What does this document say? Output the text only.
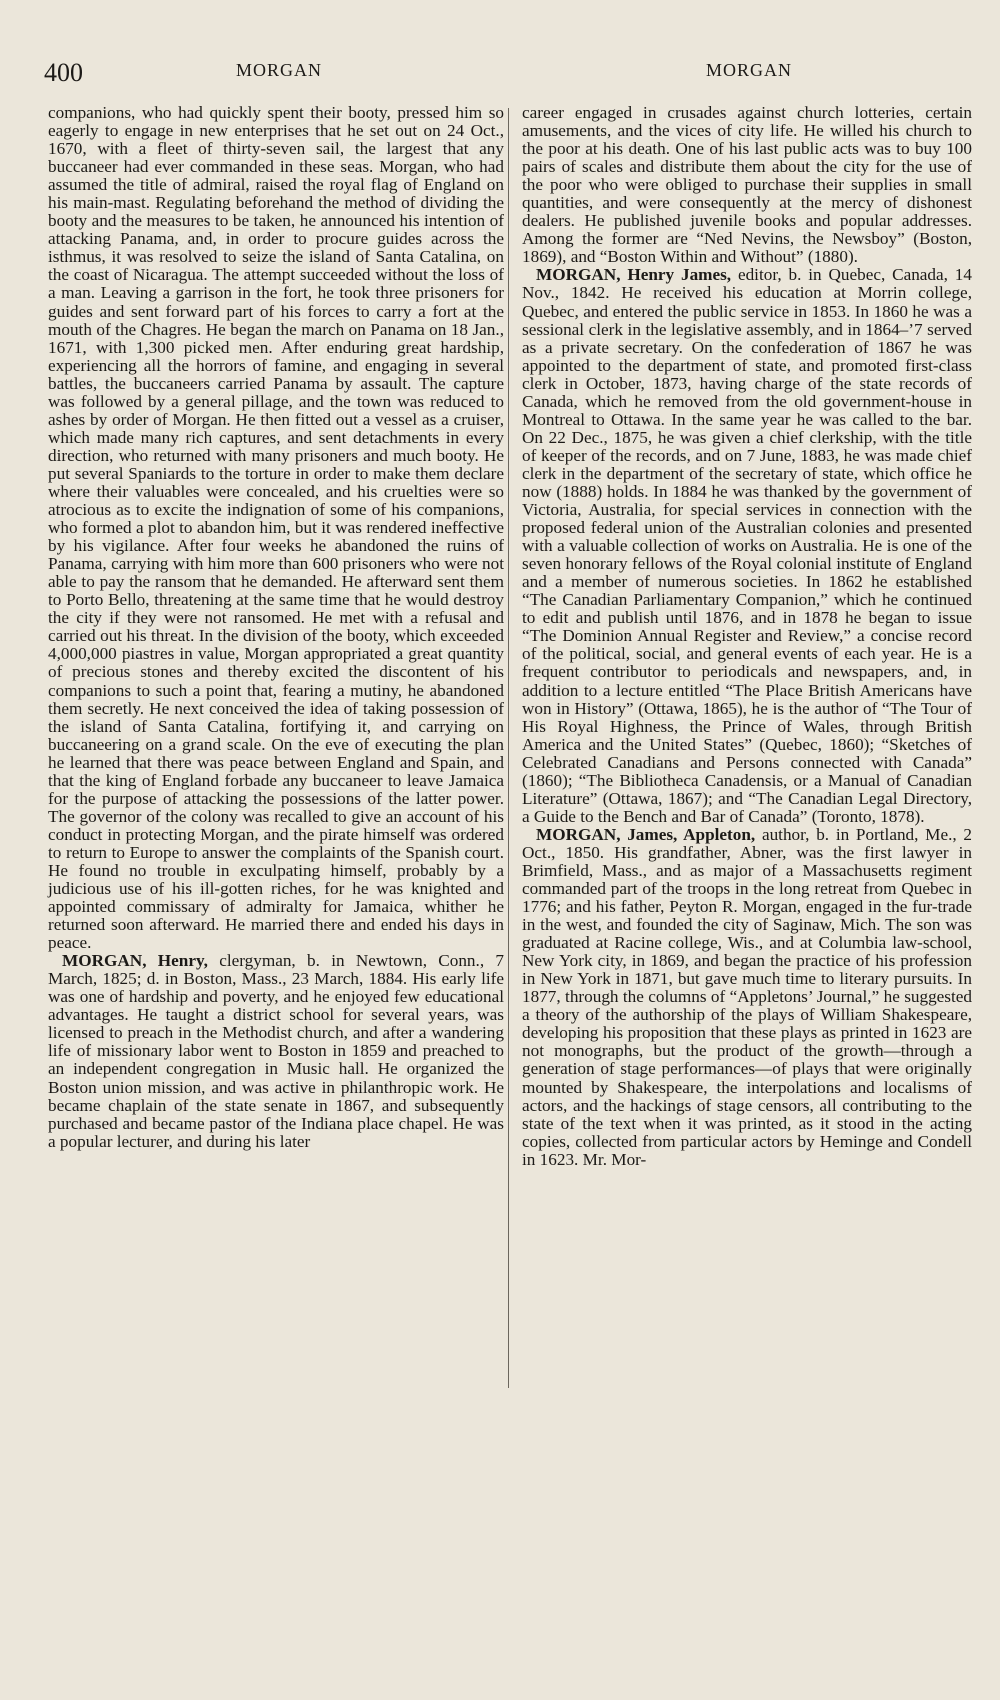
400	MORGAN	MORGAN

companions, who had quickly spent their booty, pressed him so eagerly to engage in new enterprises that he set out on 24 Oct., 1670, with a fleet of thirty-seven sail, the largest that any buccaneer had ever commanded in these seas. Morgan, who had assumed the title of admiral, raised the royal flag of England on his main-mast. Regulating beforehand the method of dividing the booty and the measures to be taken, he announced his intention of attacking Panama, and, in order to procure guides across the isthmus, it was resolved to seize the island of Santa Catalina, on the coast of Nicaragua. The attempt succeeded without the loss of a man. Leaving a garrison in the fort, he took three prisoners for guides and sent forward part of his forces to carry a fort at the mouth of the Chagres. He began the march on Panama on 18 Jan., 1671, with 1,300 picked men. After enduring great hardship, experiencing all the horrors of famine, and engaging in several battles, the buccaneers carried Panama by assault. The capture was followed by a general pillage, and the town was reduced to ashes by order of Morgan. He then fitted out a vessel as a cruiser, which made many rich captures, and sent detachments in every direction, who returned with many prisoners and much booty. He put several Spaniards to the torture in order to make them declare where their valuables were concealed, and his cruelties were so atrocious as to excite the indignation of some of his companions, who formed a plot to abandon him, but it was rendered ineffective by his vigilance. After four weeks he abandoned the ruins of Panama, carrying with him more than 600 prisoners who were not able to pay the ransom that he demanded. He afterward sent them to Porto Bello, threatening at the same time that he would destroy the city if they were not ransomed. He met with a refusal and carried out his threat. In the division of the booty, which exceeded 4,000,000 piastres in value, Morgan appropriated a great quantity of precious stones and thereby excited the discontent of his companions to such a point that, fearing a mutiny, he abandoned them secretly. He next conceived the idea of taking possession of the island of Santa Catalina, fortifying it, and carrying on buccaneering on a grand scale. On the eve of executing the plan he learned that there was peace between England and Spain, and that the king of England forbade any buccaneer to leave Jamaica for the purpose of attacking the possessions of the latter power. The governor of the colony was recalled to give an account of his conduct in protecting Morgan, and the pirate himself was ordered to return to Europe to answer the complaints of the Spanish court. He found no trouble in exculpating himself, probably by a judicious use of his ill-gotten riches, for he was knighted and appointed commissary of admiralty for Jamaica, whither he returned soon afterward. He married there and ended his days in peace.

MORGAN, Henry, clergyman, b. in Newtown, Conn., 7 March, 1825; d. in Boston, Mass., 23 March, 1884. His early life was one of hardship and poverty, and he enjoyed few educational advantages. He taught a district school for several years, was licensed to preach in the Methodist church, and after a wandering life of missionary labor went to Boston in 1859 and preached to an independent congregation in Music hall. He organized the Boston union mission, and was active in philanthropic work. He became chaplain of the state senate in 1867, and subsequently purchased and became pastor of the Indiana place chapel. He was a popular lecturer, and during his later

career engaged in crusades against church lotteries, certain amusements, and the vices of city life. He willed his church to the poor at his death. One of his last public acts was to buy 100 pairs of scales and distribute them about the city for the use of the poor who were obliged to purchase their supplies in small quantities, and were consequently at the mercy of dishonest dealers. He published juvenile books and popular addresses. Among the former are “Ned Nevins, the Newsboy” (Boston, 1869), and “Boston Within and Without” (1880).

MORGAN, Henry James, editor, b. in Quebec, Canada, 14 Nov., 1842. He received his education at Morrin college, Quebec, and entered the public service in 1853. In 1860 he was a sessional clerk in the legislative assembly, and in 1864–’7 served as a private secretary. On the confederation of 1867 he was appointed to the department of state, and promoted first-class clerk in October, 1873, having charge of the state records of Canada, which he removed from the old government-house in Montreal to Ottawa. In the same year he was called to the bar. On 22 Dec., 1875, he was given a chief clerkship, with the title of keeper of the records, and on 7 June, 1883, he was made chief clerk in the department of the secretary of state, which office he now (1888) holds. In 1884 he was thanked by the government of Victoria, Australia, for special services in connection with the proposed federal union of the Australian colonies and presented with a valuable collection of works on Australia. He is one of the seven honorary fellows of the Royal colonial institute of England and a member of numerous societies. In 1862 he established “The Canadian Parliamentary Companion,” which he continued to edit and publish until 1876, and in 1878 he began to issue “The Dominion Annual Register and Review,” a concise record of the political, social, and general events of each year. He is a frequent contributor to periodicals and newspapers, and, in addition to a lecture entitled “The Place British Americans have won in History” (Ottawa, 1865), he is the author of “The Tour of His Royal Highness, the Prince of Wales, through British America and the United States” (Quebec, 1860); “Sketches of Celebrated Canadians and Persons connected with Canada” (1860); “The Bibliotheca Canadensis, or a Manual of Canadian Literature” (Ottawa, 1867); and “The Canadian Legal Directory, a Guide to the Bench and Bar of Canada” (Toronto, 1878).

MORGAN, James, Appleton, author, b. in Portland, Me., 2 Oct., 1850. His grandfather, Abner, was the first lawyer in Brimfield, Mass., and as major of a Massachusetts regiment commanded part of the troops in the long retreat from Quebec in 1776; and his father, Peyton R. Morgan, engaged in the fur-trade in the west, and founded the city of Saginaw, Mich. The son was graduated at Racine college, Wis., and at Columbia law-school, New York city, in 1869, and began the practice of his profession in New York in 1871, but gave much time to literary pursuits. In 1877, through the columns of “Appletons’ Journal,” he suggested a theory of the authorship of the plays of William Shakespeare, developing his proposition that these plays as printed in 1623 are not monographs, but the product of the growth—through a generation of stage performances—of plays that were originally mounted by Shakespeare, the interpolations and localisms of actors, and the hackings of stage censors, all contributing to the state of the text when it was printed, as it stood in the acting copies, collected from particular actors by Heminge and Condell in 1623. Mr. Mor-
